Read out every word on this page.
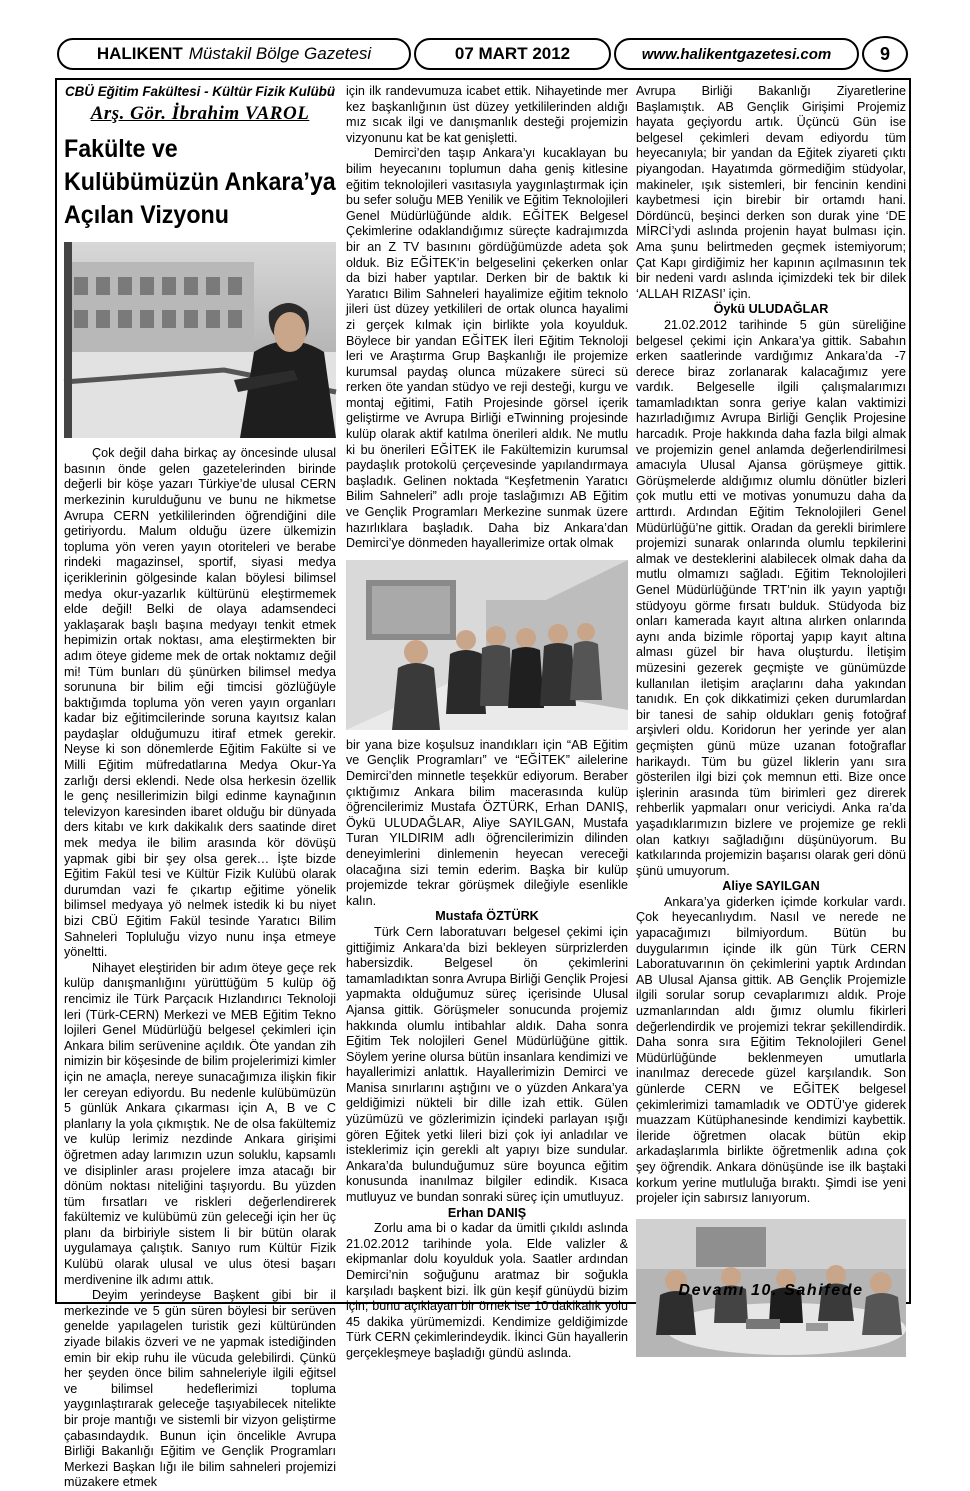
HALIKENT Müstakil Bölge Gazetesi	07 MART 2012	www.halikentgazetesi.com	9
CBÜ Eğitim Fakültesi - Kültür Fizik Kulübü
Arş. Gör. İbrahim VAROL
Fakülte ve Kulübümüzün Ankara’ya Açılan Vizyonu

Çok değil daha birkaç ay öncesinde ulusal basının önde gelen gazetelerinden birinde değerli bir köşe yazarı Türkiye’de ulusal CERN merkezinin kurulduğunu ve bunu ne hikmetse Avrupa CERN yetkililerinden öğrendiğini dile getiriyordu. Malum olduğu üzere ülkemizin topluma yön veren yayın otoriteleri ve berabe rindeki magazinsel, sportif, siyasi medya içeriklerinin gölgesinde kalan böylesi bilimsel medya okur-yazarlık kültürünü eleştirmemek elde değil! Belki de olaya adamsendeci yaklaşarak başlı başına medyayı tenkit etmek hepimizin ortak noktası, ama eleştirmekten bir adım öteye gideme mek de ortak noktamız değil mi! Tüm bunları dü şünürken bilimsel medya sorununa bir bilim eği timcisi gözlüğüyle baktığımda topluma yön veren yayın organları kadar biz eğitimcilerinde soruna kayıtsız kalan paydaşlar olduğumuzu itiraf etmek gerekir. Neyse ki son dönemlerde Eğitim Fakülte si ve Milli Eğitim müfredatlarına Medya Okur-Ya zarlığı dersi eklendi. Nede olsa herkesin özellik le genç nesillerimizin bilgi edinme kaynağının televizyon karesinden ibaret olduğu bir dünyada ders kitabı ve kırk dakikalık ders saatinde diret mek medya ile bilim arasında kör dövüşü yapmak gibi bir şey olsa gerek… İşte bizde Eğitim Fakül tesi ve Kültür Fizik Kulübü olarak durumdan vazi fe çıkartıp eğitime yönelik bilimsel medyaya yö nelmek istedik ki bu niyet bizi CBÜ Eğitim Fakül tesinde Yaratıcı Bilim Sahneleri Topluluğu vizyo nunu inşa etmeye yöneltti.

Nihayet eleştiriden bir adım öteye geçe rek kulüp danışmanlığını yürüttüğüm 5 kulüp öğ rencimiz ile Türk Parçacık Hızlandırıcı Teknoloji leri (Türk-CERN) Merkezi ve MEB Eğitim Tekno lojileri Genel Müdürlüğü belgesel çekimleri için Ankara bilim serüvenine açıldık. Öte yandan zih nimizin bir köşesinde de bilim projelerimizi kimler için ne amaçla, nereye sunacağımıza ilişkin fikir ler cereyan ediyordu. Bu nedenle kulübümüzün 5 günlük Ankara çıkarması için A, B ve C planlarıy la yola çıkmıştık. Ne de olsa fakültemiz ve kulüp lerimiz nezdinde Ankara girişimi öğretmen aday larımızın uzun soluklu, kapsamlı ve disiplinler arası projelere imza atacağı bir dönüm noktası niteliğini taşıyordu. Bu yüzden tüm fırsatları ve riskleri değerlendirerek fakültemiz ve kulübümü zün geleceği için her üç planı da birbiriyle sistem li bir bütün olarak uygulamaya çalıştık. Sanıyo rum Kültür Fizik Kulübü olarak ulusal ve ulus ötesi başarı merdivenine ilk adımı attık.

Deyim yerindeyse Başkent gibi bir il merkezinde ve 5 gün süren böylesi bir serüven genelde yapılagelen turistik gezi kültüründen ziyade bilakis özveri ve ne yapmak istediğinden emin bir ekip ruhu ile vücuda gelebilirdi. Çünkü her şeyden önce bilim sahneleriyle ilgili eğitsel ve bilimsel hedeflerimizi topluma yaygınlaştırarak geleceğe taşıyabilecek nitelikte bir proje mantığı ve sistemli bir vizyon geliştirme çabasındaydık. Bunun için öncelikle Avrupa Birliği Bakanlığı Eğitim ve Gençlik Programları Merkezi Başkan lığı ile bilim sahneleri projemizi müzakere etmek

için ilk randevumuza icabet ettik. Nihayetinde mer kez başkanlığının üst düzey yetkililerinden aldığı mız sıcak ilgi ve danışmanlık desteği projemizin vizyonunu kat be kat genişletti.

Demirci’den taşıp Ankara’yı kucaklayan bu bilim heyecanını toplumun daha geniş kitlesine eğitim teknolojileri vasıtasıyla yaygınlaştırmak için bu sefer soluğu MEB Yenilik ve Eğitim Teknolojileri Genel Müdürlüğünde aldık. EĞİTEK Belgesel Çekimlerine odaklandığımız süreçte kadrajımızda bir an Z TV basınını gördüğümüzde adeta şok olduk. Biz EĞİTEK’in belgeselini çekerken onlar da bizi haber yaptılar. Derken bir de baktık ki Yaratıcı Bilim Sahneleri hayalimize eğitim teknolo jileri üst düzey yetkilileri de ortak olunca hayalimi zi gerçek kılmak için birlikte yola koyulduk. Böylece bir yandan EĞİTEK İleri Eğitim Teknoloji leri ve Araştırma Grup Başkanlığı ile projemize kurumsal paydaş olunca müzakere süreci sü rerken öte yandan stüdyo ve reji desteği, kurgu ve montaj eğitimi, Fatih Projesinde görsel içerik geliştirme ve Avrupa Birliği eTwinning projesinde kulüp olarak aktif katılma önerileri aldık. Ne mutlu ki bu önerileri EĞİTEK ile Fakültemizin kurumsal paydaşlık protokolü çerçevesinde yapılandırmaya başladık. Gelinen noktada “Keşfetmenin Yaratıcı Bilim Sahneleri” adlı proje taslağımızı AB Eğitim ve Gençlik Programları Merkezine sunmak üzere hazırlıklara başladık. Daha biz Ankara’dan Demirci’ye dönmeden hayallerimize ortak olmak

bir yana bize koşulsuz inandıkları için “AB Eğitim ve Gençlik Programları” ve “EĞİTEK” ailelerine Demirci’den minnetle teşekkür ediyorum. Beraber çıktığımız Ankara bilim macerasında kulüp öğrencilerimiz Mustafa ÖZTÜRK, Erhan DANIŞ, Öykü ULUDAĞLAR, Aliye SAYILGAN, Mustafa Turan YILDIRIM adlı öğrencilerimizin dilinden deneyimlerini dinlemenin heyecan vereceği olacağına sizi temin ederim. Başka bir kulüp projemizde tekrar görüşmek dileğiyle esenlikle kalın.

Mustafa ÖZTÜRK

Türk Cern laboratuvarı belgesel çekimi için gittiğimiz Ankara’da bizi bekleyen sürprizlerden habersizdik. Belgesel ön çekimlerini tamamladıktan sonra Avrupa Birliği Gençlik Projesi yapmakta olduğumuz süreç içerisinde Ulusal Ajansa gittik. Görüşmeler sonucunda projemiz hakkında olumlu intibahlar aldık. Daha sonra Eğitim Tek nolojileri Genel Müdürlüğüne gittik. Söylem yerine olursa bütün insanlara kendimizi ve hayallerimizi anlattık. Hayallerimizin Demirci ve Manisa sınırlarını aştığını ve o yüzden Ankara’ya geldiğimizi nükteli bir dille izah ettik. Gülen yüzümüzü ve gözlerimizin içindeki parlayan ışığı gören Eğitek yetki lileri bizi çok iyi anladılar ve isteklerimiz için gerekli alt yapıyı bize sundular. Ankara’da bulunduğumuz süre boyunca eğitim konusunda inanılmaz bilgiler edindik. Kısaca mutluyuz ve bundan sonraki süreç için umutluyuz.

Erhan DANIŞ

Zorlu ama bi o kadar da ümitli çıkıldı aslında 21.02.2012 tarihinde yola. Elde valizler & ekipmanlar dolu koyulduk yola. Saatler ardından Demirci’nin soğuğunu aratmaz bir soğukla karşıladı başkent bizi. İlk gün keşif günüydü bizim için; bunu açıklayan bir örnek ise 10 dakikalık yolu 45 dakika yürümemizdi. Kendimize geldiğimizde Türk CERN çekimlerindeydik. İkinci Gün hayallerin gerçekleşmeye başladığı gündü aslında.

Avrupa Birliği Bakanlığı Ziyaretlerine Başlamıştık. AB Gençlik Girişimi Projemiz hayata geçiyordu artık. Üçüncü Gün ise belgesel çekimleri devam ediyordu tüm heyecanıyla; bir yandan da Eğitek ziyareti çıktı piyangodan. Hayatımda görmediğim stüdyolar, makineler, ışık sistemleri, bir fencinin kendini kaybetmesi için birebir bir ortamdı hani. Dördüncü, beşinci derken son durak yine ‘DE MİRCİ’ydi aslında projenin hayat bulması için. Ama şunu belirtmeden geçmek istemiyorum; Çat Kapı girdiğimiz her kapının açılmasının tek bir nedeni vardı aslında içimizdeki tek bir dilek ‘ALLAH RIZASI’ için.

Öykü ULUDAĞLAR

21.02.2012 tarihinde 5 gün süreliğine belgesel çekimi için Ankara’ya gittik. Sabahın erken saatlerinde vardığımız Ankara’da -7 derece biraz zorlanarak kalacağımız yere vardık. Belgeselle ilgili çalışmalarımızı tamamladıktan sonra geriye kalan vaktimizi hazırladığımız Avrupa Birliği Gençlik Projesine harcadık. Proje hakkında daha fazla bilgi almak ve projemizin genel anlamda değerlendirilmesi amacıyla Ulusal Ajansa görüşmeye gittik. Görüşmelerde aldığımız olumlu dönütler bizleri çok mutlu etti ve motivas yonumuzu daha da arttırdı. Ardından Eğitim Teknolojileri Genel Müdürlüğü’ne gittik. Oradan da gerekli birimlere projemizi sunarak onlarında olumlu tepkilerini almak ve desteklerini alabilecek olmak daha da mutlu olmamızı sağladı. Eğitim Teknolojileri Genel Müdürlüğünde TRT’nin ilk yayın yaptığı stüdyoyu görme fırsatı bulduk. Stüdyoda biz onları kamerada kayıt altına alırken onlarında aynı anda bizimle röportaj yapıp kayıt altına alması güzel bir hava oluşturdu. İletişim müzesini gezerek geçmişte ve günümüzde kullanılan iletişim araçlarını daha yakından tanıdık. En çok dikkatimizi çeken durumlardan bir tanesi de sahip oldukları geniş fotoğraf arşivleri oldu. Koridorun her yerinde yer alan geçmişten günü müze uzanan fotoğraflar harikaydı. Tüm bu güzel liklerin yanı sıra gösterilen ilgi bizi çok memnun etti. Bize once işlerinin arasında tüm birimleri gez direrek rehberlik yapmaları onur vericiydi. Anka ra’da yaşadıklarımızın bizlere ve projemize ge rekli olan katkıyı sağladığını düşünüyorum. Bu katkılarında projemizin başarısı olarak geri dönü şünü umuyorum.

Aliye SAYILGAN

Ankara’ya giderken içimde korkular vardı. Çok heyecanlıydım. Nasıl ve nerede ne yapacağımızı bilmiyordum. Bütün bu duygularımın içinde ilk gün Türk CERN Laboratuvarının ön çekimlerini yaptık Ardından AB Ulusal Ajansa gittik. AB Gençlik Projemizle ilgili sorular sorup cevaplarımızı aldık. Proje uzmanlarından aldı ğımız olumlu fikirleri değerlendirdik ve projemizi tekrar şekillendirdik. Daha sonra sıra Eğitim Teknolojileri Genel Müdürlüğünde beklenmeyen umutlarla inanılmaz derecede güzel karşılandık. Son günlerde CERN ve EĞİTEK belgesel çekimlerimizi tamamladık ve ODTÜ’ye giderek muazzam Kütüphanesinde kendimizi kaybettik. İleride öğretmen olacak bütün ekip arkadaşlarımla birlikte öğretmenlik adına çok şey öğrendik. Ankara dönüşünde ise ilk baştaki korkum yerine mutluluğa bıraktı. Şimdi ise yeni projeler için sabırsız lanıyorum.

Devamı 10. Sahifede
